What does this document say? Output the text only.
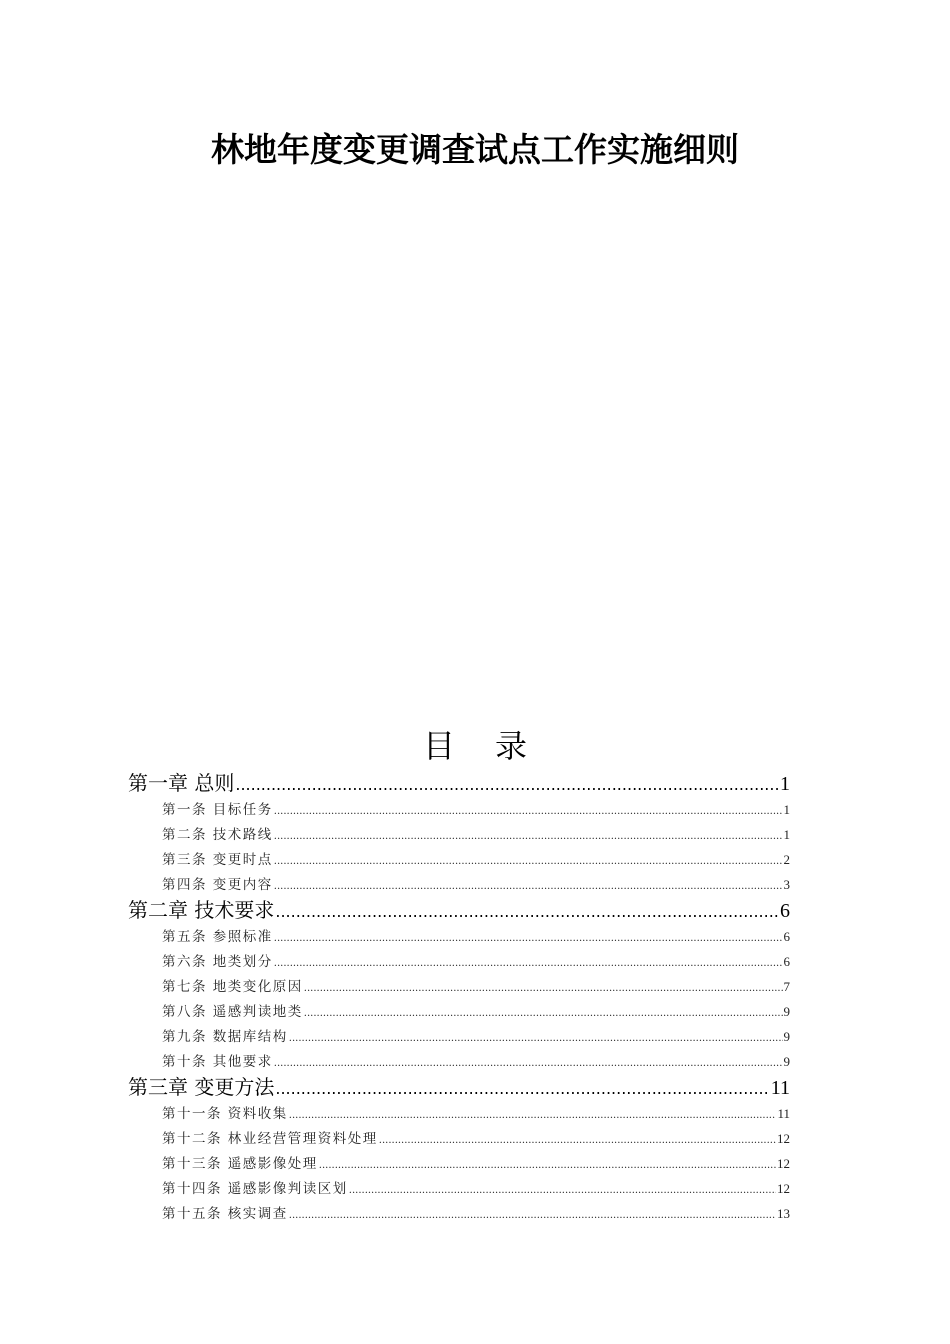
林地年度变更调查试点工作实施细则
目 录
第一章 总则 .....	1
第一条 目标任务 .....	1
第二条 技术路线 .....	1
第三条 变更时点 .....	2
第四条 变更内容 .....	3
第二章 技术要求 .....	6
第五条 参照标准 .....	6
第六条 地类划分 .....	6
第七条 地类变化原因 .....	7
第八条 遥感判读地类 .....	9
第九条 数据库结构 .....	9
第十条 其他要求 .....	9
第三章 变更方法 .....	11
第十一条 资料收集 .....	11
第十二条 林业经营管理资料处理 .....	12
第十三条 遥感影像处理 .....	12
第十四条 遥感影像判读区划 .....	12
第十五条 核实调查 .....	13
